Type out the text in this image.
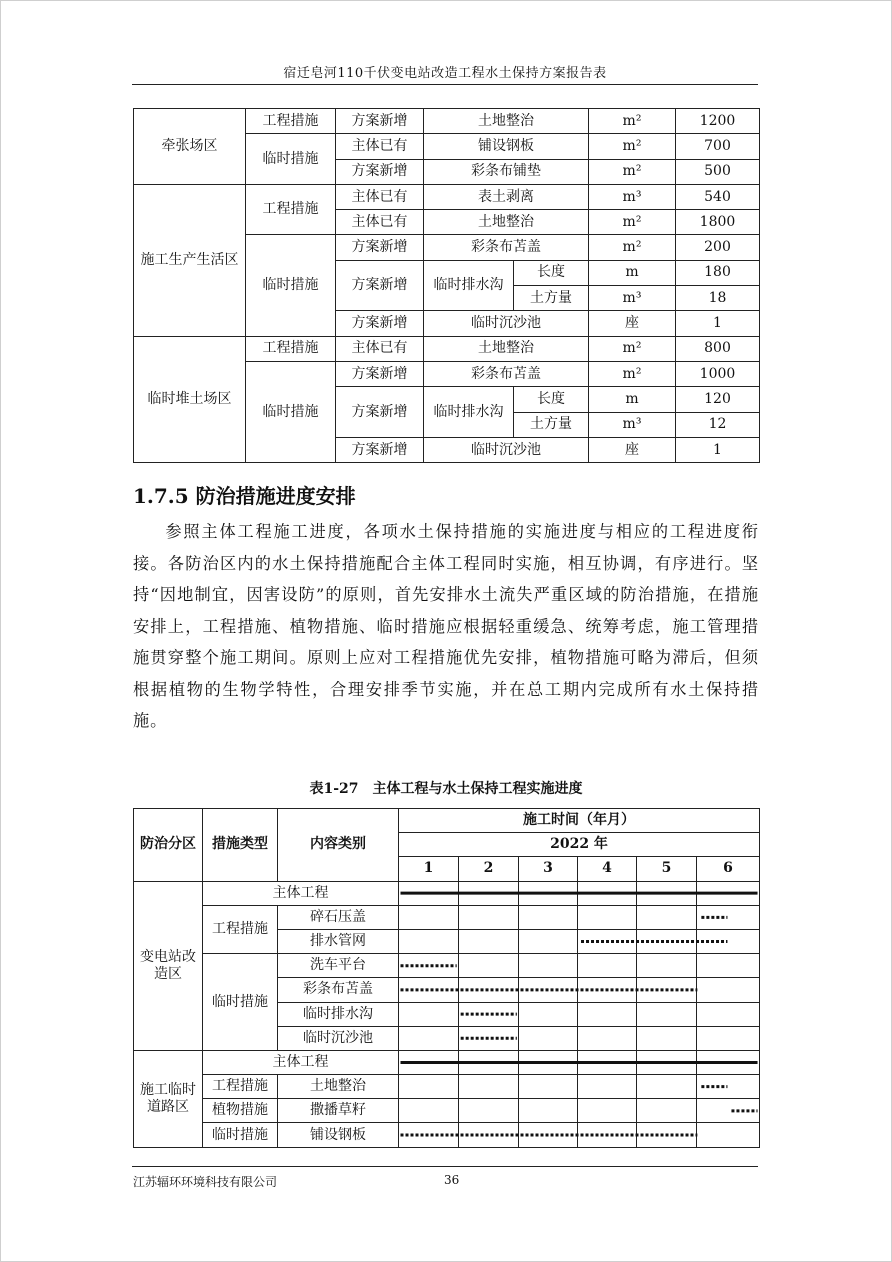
宿迁皂河110千伏变电站改造工程水土保持方案报告表
牵张场区	工程措施	方案新增	土地整治		m²	1200
	临时措施	主体已有	铺设钢板		m²	700
		方案新增	彩条布铺垫		m²	500
施工生产生活区	工程措施	主体已有	表土剥离		m³	540
		主体已有	土地整治		m²	1800
	临时措施	方案新增	彩条布苫盖		m²	200
		方案新增	临时排水沟	长度	m	180
				土方量	m³	18
		方案新增	临时沉沙池		座	1
临时堆土场区	工程措施	主体已有	土地整治		m²	800
	临时措施	方案新增	彩条布苫盖		m²	1000
		方案新增	临时排水沟	长度	m	120
				土方量	m³	12
		方案新增	临时沉沙池		座	1
1.7.5 防治措施进度安排
参照主体工程施工进度，各项水土保持措施的实施进度与相应的工程进度衔接。各防治区内的水土保持措施配合主体工程同时实施，相互协调，有序进行。坚持“因地制宜，因害设防”的原则，首先安排水土流失严重区域的防治措施，在措施安排上，工程措施、植物措施、临时措施应根据轻重缓急、统筹考虑，施工管理措施贯穿整个施工期间。原则上应对工程措施优先安排，植物措施可略为滞后，但须根据植物的生物学特性，合理安排季节实施，并在总工期内完成所有水土保持措施。
表1-27　主体工程与水土保持工程实施进度
防治分区	措施类型	内容类别	施工时间（年月）					
			2022 年					
			1	2	3	4	5	6
变电站改造区	主体工程							
	工程措施	碎石压盖						
		排水管网						
	临时措施	洗车平台						
		彩条布苫盖						
		临时排水沟						
		临时沉沙池						
施工临时道路区	主体工程							
	工程措施	土地整治						
	植物措施	撒播草籽						
	临时措施	铺设钢板						
江苏辐环环境科技有限公司	36
